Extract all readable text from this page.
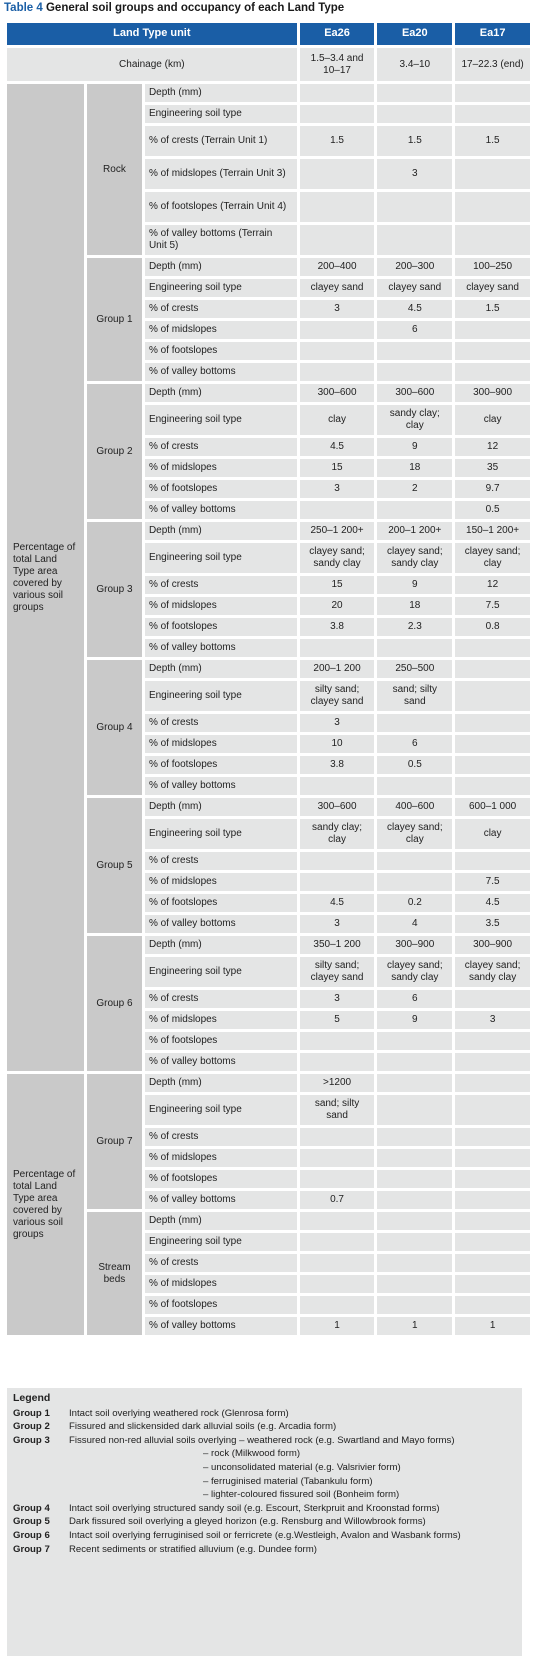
Table 4 General soil groups and occupancy of each Land Type
Land Type unit			Ea26	Ea20	Ea17
Chainage (km)			1.5–3.4 and 10–17	3.4–10	17–22.3 (end)
Percentage of total Land Type area covered by various soil groups	Rock	Depth (mm)			
		Engineering soil type			
		% of crests (Terrain Unit 1)	1.5	1.5	1.5
		% of midslopes (Terrain Unit 3)		3	
		% of footslopes (Terrain Unit 4)			
		% of valley bottoms (Terrain Unit 5)			
	Group 1	Depth (mm)	200–400	200–300	100–250
		Engineering soil type	clayey sand	clayey sand	clayey sand
		% of crests	3	4.5	1.5
		% of midslopes		6	
		% of footslopes			
		% of valley bottoms			
	Group 2	Depth (mm)	300–600	300–600	300–900
		Engineering soil type	clay	sandy clay; clay	clay
		% of crests	4.5	9	12
		% of midslopes	15	18	35
		% of footslopes	3	2	9.7
		% of valley bottoms			0.5
	Group 3	Depth (mm)	250–1 200+	200–1 200+	150–1 200+
		Engineering soil type	clayey sand; sandy clay	clayey sand; sandy clay	clayey sand; clay
		% of crests	15	9	12
		% of midslopes	20	18	7.5
		% of footslopes	3.8	2.3	0.8
		% of valley bottoms			
	Group 4	Depth (mm)	200–1 200	250–500	
		Engineering soil type	silty sand; clayey sand	sand; silty sand	
		% of crests	3		
		% of midslopes	10	6	
		% of footslopes	3.8	0.5	
		% of valley bottoms			
	Group 5	Depth (mm)	300–600	400–600	600–1 000
		Engineering soil type	sandy clay; clay	clayey sand; clay	clay
		% of crests			
		% of midslopes			7.5
		% of footslopes	4.5	0.2	4.5
		% of valley bottoms	3	4	3.5
	Group 6	Depth (mm)	350–1 200	300–900	300–900
		Engineering soil type	silty sand; clayey sand	clayey sand; sandy clay	clayey sand; sandy clay
		% of crests	3	6	
		% of midslopes	5	9	3
		% of footslopes			
		% of valley bottoms			
Percentage of total Land Type area covered by various soil groups	Group 7	Depth (mm)	>1200		
		Engineering soil type	sand; silty sand		
		% of crests			
		% of midslopes			
		% of footslopes			
		% of valley bottoms	0.7		
	Stream beds	Depth (mm)			
		Engineering soil type			
		% of crests			
		% of midslopes			
		% of footslopes			
		% of valley bottoms	1	1	1
Legend
Group 1	Intact soil overlying weathered rock (Glenrosa form)
Group 2	Fissured and slickensided dark alluvial soils (e.g. Arcadia form)
Group 3	Fissured non-red alluvial soils overlying – weathered rock (e.g. Swartland and Mayo forms)
– rock (Milkwood form)
– unconsolidated material (e.g. Valsrivier form)
– ferruginised material (Tabankulu form)
– lighter-coloured fissured soil (Bonheim form)
Group 4	Intact soil overlying structured sandy soil (e.g. Escourt, Sterkpruit and Kroonstad forms)
Group 5	Dark fissured soil overlying a gleyed horizon (e.g. Rensburg and Willowbrook forms)
Group 6	Intact soil overlying ferruginised soil or ferricrete (e.g.Westleigh, Avalon and Wasbank forms)
Group 7	Recent sediments or stratified alluvium (e.g. Dundee form)
